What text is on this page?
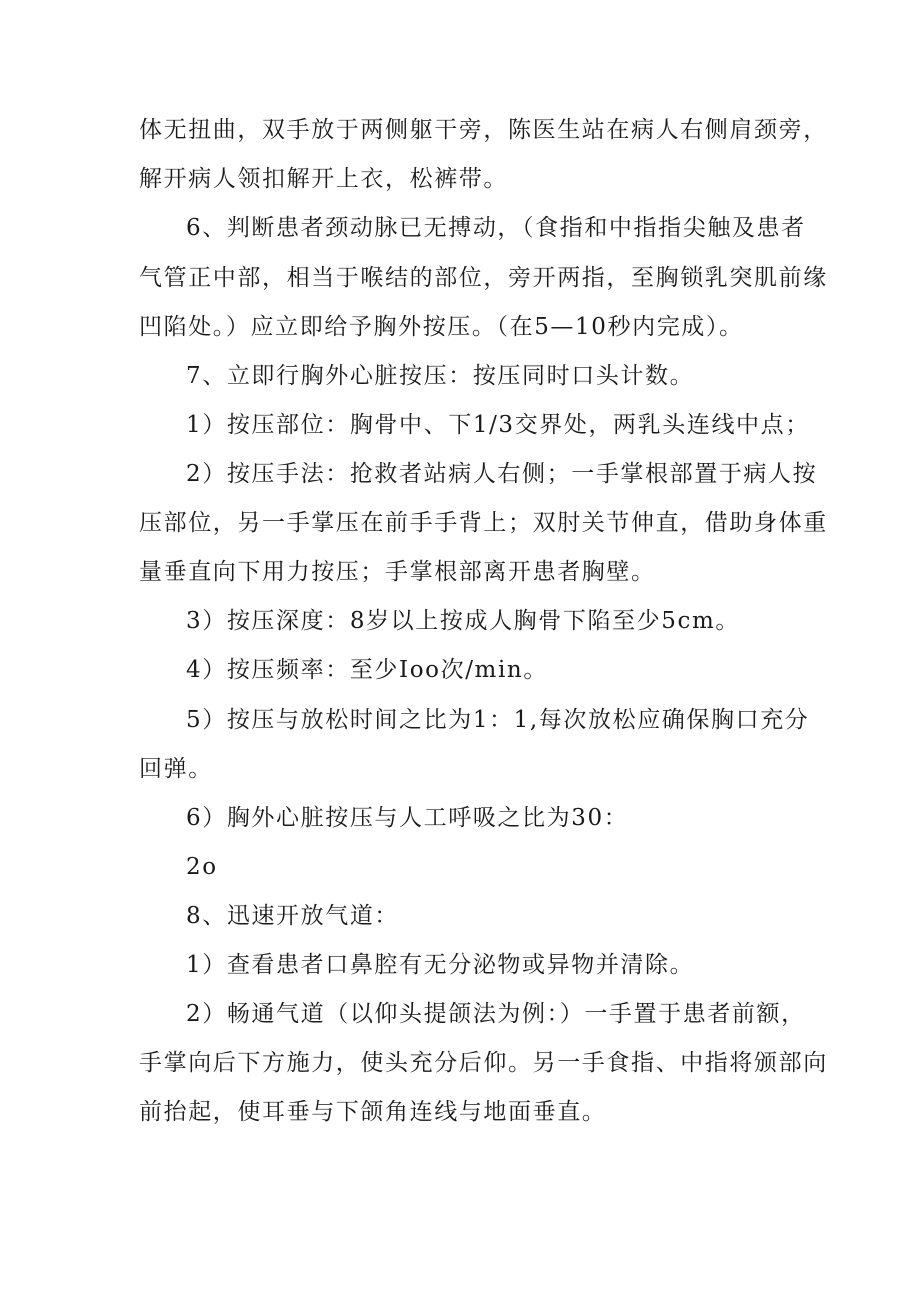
体无扭曲，双手放于两侧躯干旁，陈医生站在病人右侧肩颈旁，
解开病人领扣解开上衣，松裤带。
6、判断患者颈动脉已无搏动，（食指和中指指尖触及患者
气管正中部，相当于喉结的部位，旁开两指，至胸锁乳突肌前缘
凹陷处。）应立即给予胸外按压。（在5—10秒内完成）。
7、立即行胸外心脏按压：按压同时口头计数。
1）按压部位：胸骨中、下1/3交界处，两乳头连线中点；
2）按压手法：抢救者站病人右侧；一手掌根部置于病人按
压部位，另一手掌压在前手手背上；双肘关节伸直，借助身体重
量垂直向下用力按压；手掌根部离开患者胸壁。
3）按压深度：8岁以上按成人胸骨下陷至少5cm。
4）按压频率：至少Ioo次/min。
5）按压与放松时间之比为1：1,每次放松应确保胸口充分
回弹。
6）胸外心脏按压与人工呼吸之比为30：
2o
8、迅速开放气道：
1）查看患者口鼻腔有无分泌物或异物并清除。
2）畅通气道（以仰头提颌法为例：）一手置于患者前额，
手掌向后下方施力，使头充分后仰。另一手食指、中指将颁部向
前抬起，使耳垂与下颌角连线与地面垂直。
